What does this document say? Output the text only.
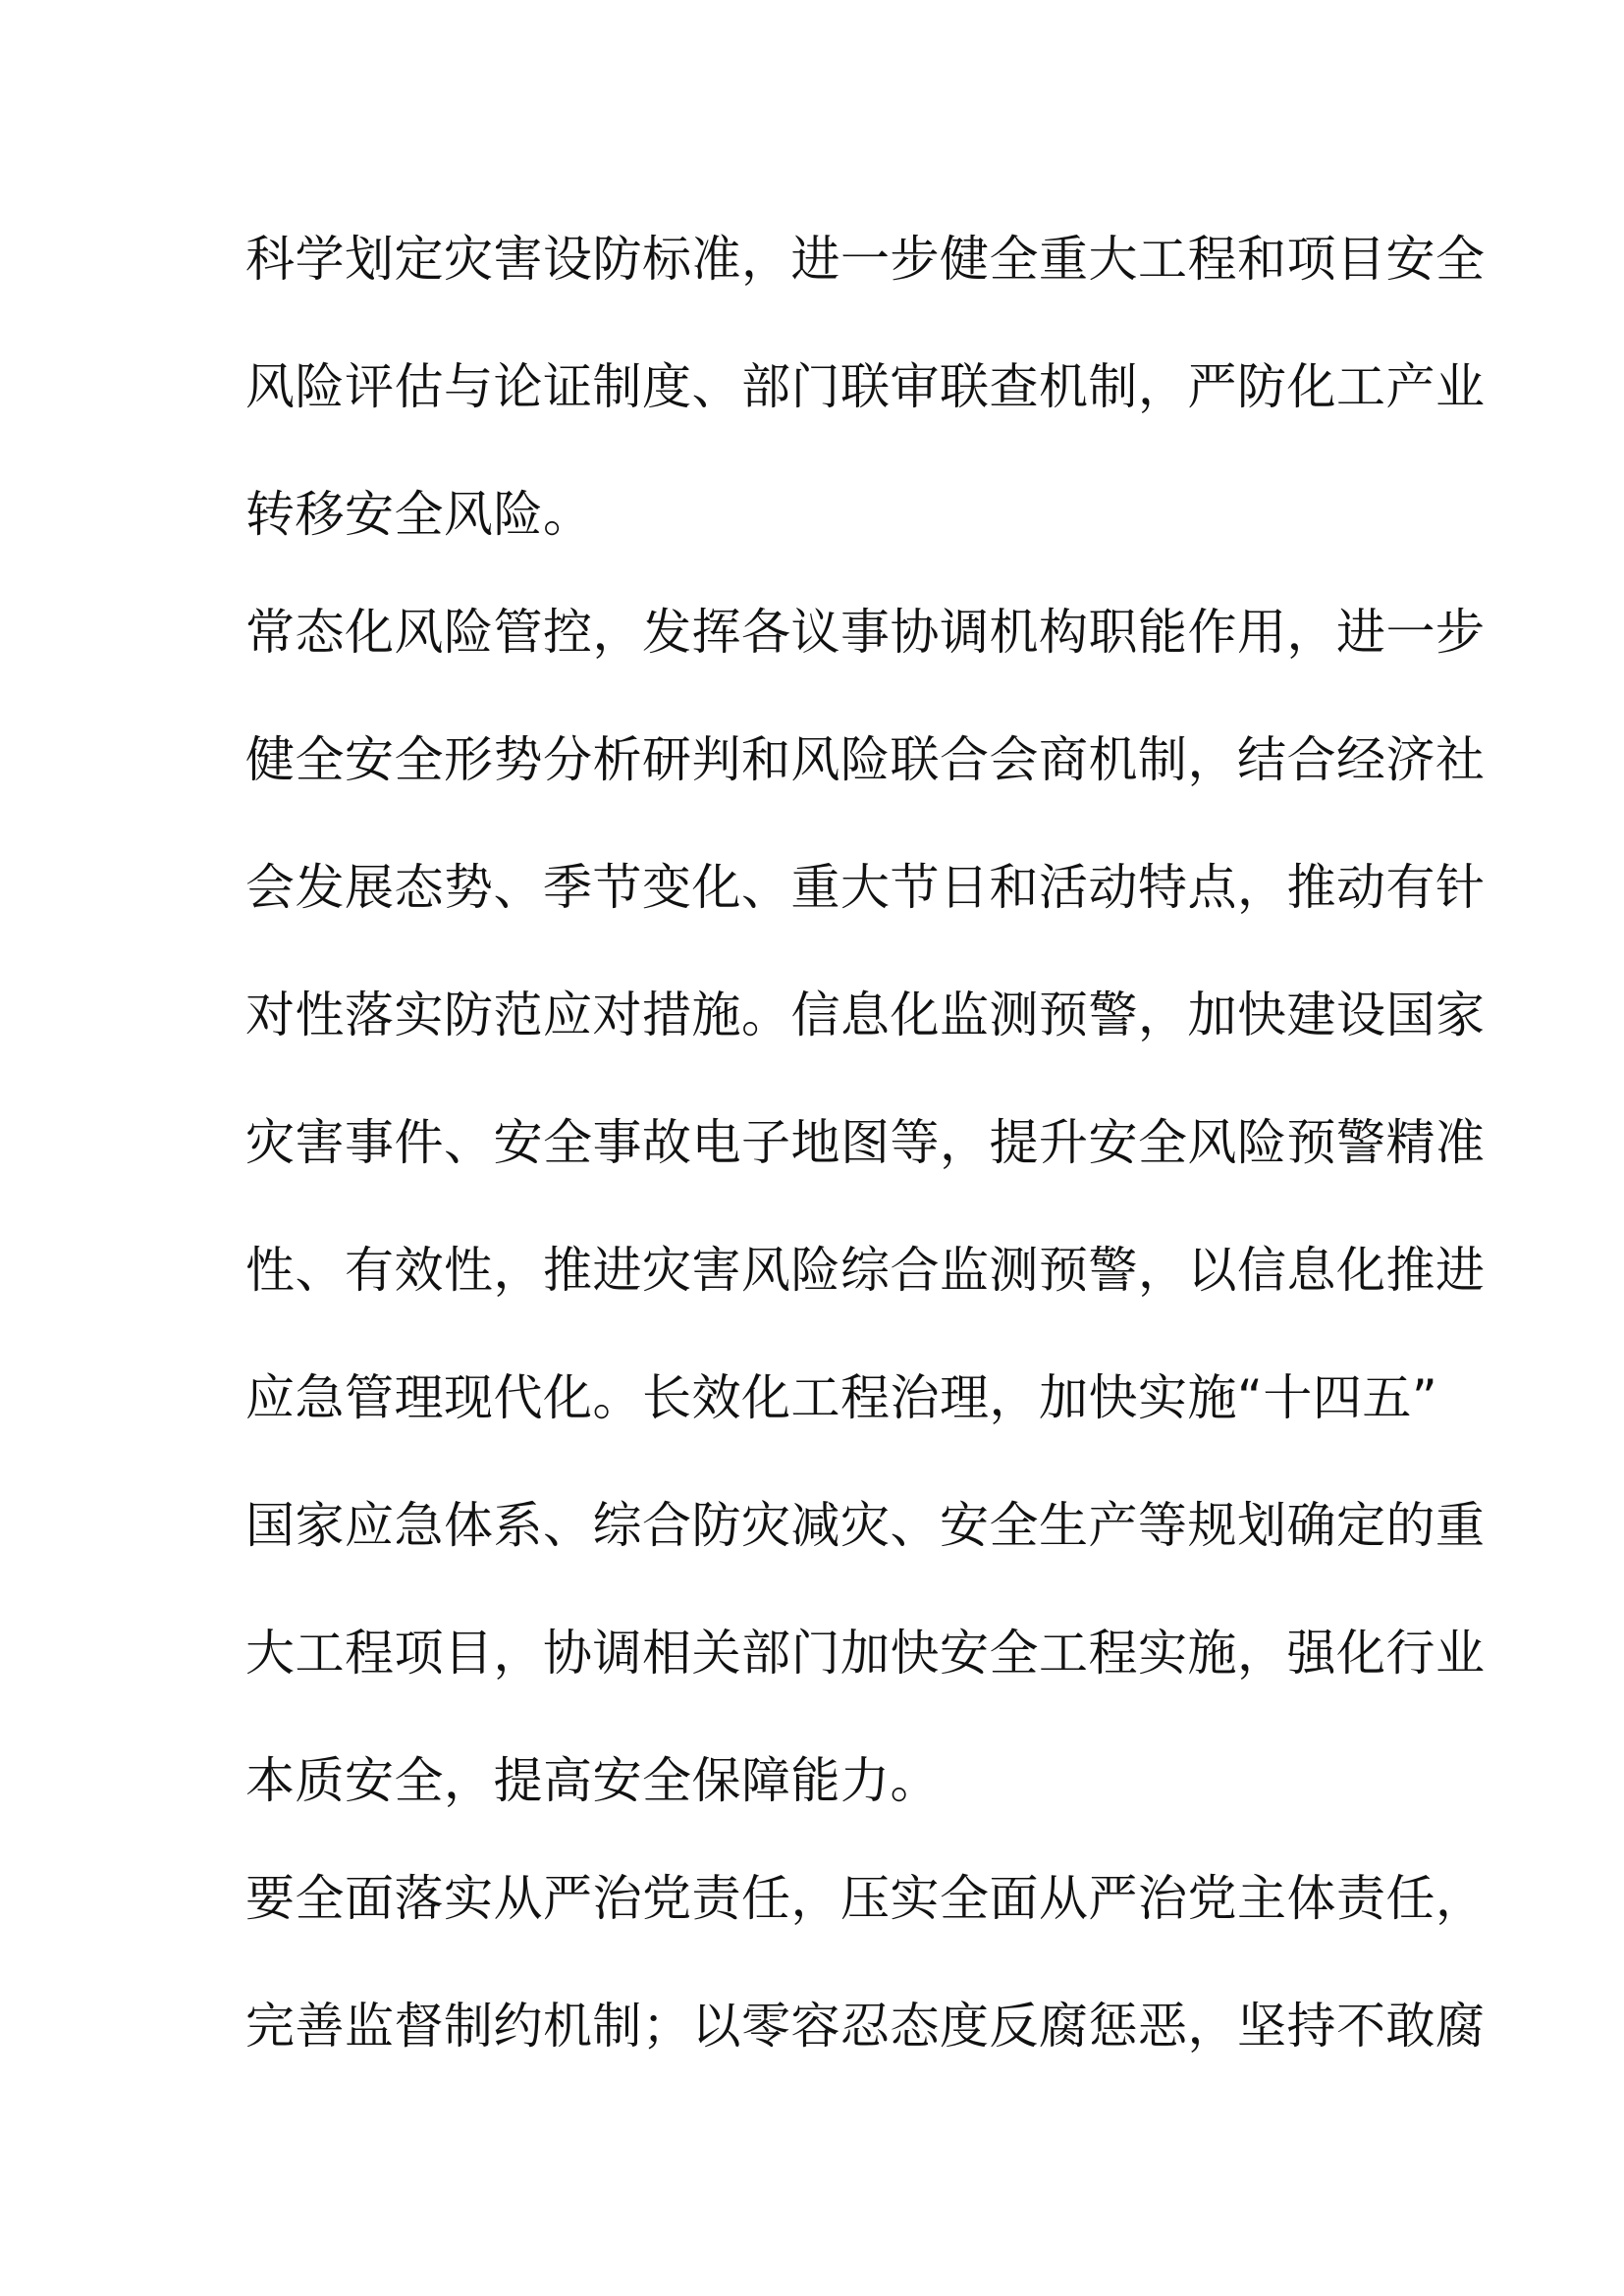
科学划定灾害设防标准，进一步健全重大工程和项目安全
风险评估与论证制度、部门联审联查机制，严防化工产业
转移安全风险。
常态化风险管控，发挥各议事协调机构职能作用，进一步
健全安全形势分析研判和风险联合会商机制，结合经济社
会发展态势、季节变化、重大节日和活动特点，推动有针
对性落实防范应对措施。信息化监测预警，加快建设国家
灾害事件、安全事故电子地图等，提升安全风险预警精准
性、有效性，推进灾害风险综合监测预警，以信息化推进
应急管理现代化。长效化工程治理，加快实施“十四五”
国家应急体系、综合防灾减灾、安全生产等规划确定的重
大工程项目，协调相关部门加快安全工程实施，强化行业
本质安全，提高安全保障能力。
要全面落实从严治党责任，压实全面从严治党主体责任，
完善监督制约机制；以零容忍态度反腐惩恶，坚持不敢腐
